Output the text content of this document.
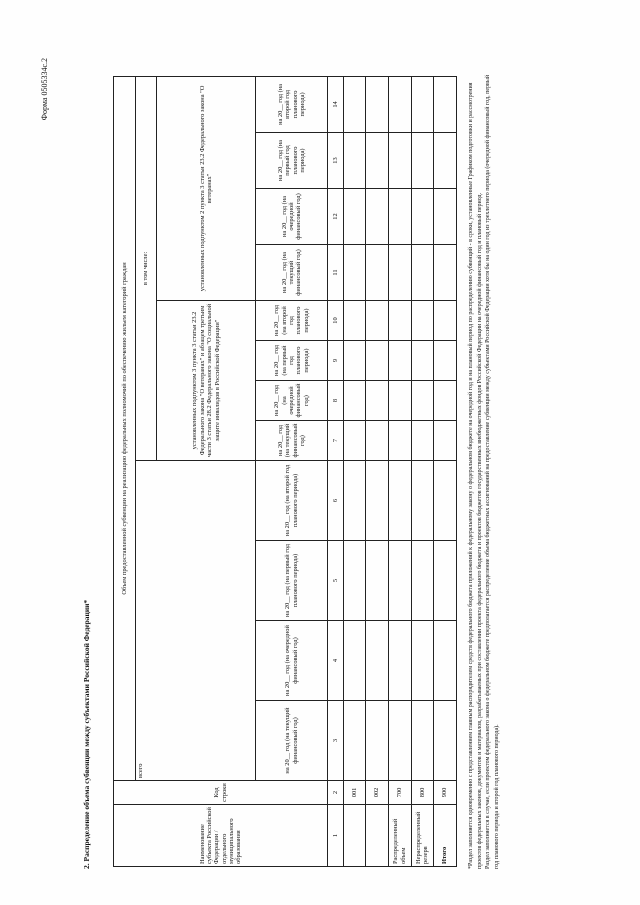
Форма 0505334с.2
2. Распределение объема субвенции между субъектами Российской Федерации*	Наименование субъекта Российской Федерации / отдельного муниципального образования	Код строки	Объем предоставленной субвенции на реализацию федеральных полномочий по обеспечению жильем категорий граждан											
		всего				в том числе:							
						установленных подпунктом 3 пункта 3 статьи 23.2 Федерального закона "О ветеранах" и абзацем третьим части 3 статьи 28.2 Федерального закона "О социальной защите инвалидов в Российской Федерации"				установленных подпунктом 2 пункта 3 статьи 23.2 Федерального закона "О ветеранах"			
		на 20__ год (на текущий финансовый год)	на 20__ год (на очередной финансовый год)	на 20__ год (на первый год планового периода)	на 20__ год (на второй год планового периода)	на 20__ год (на текущий финансовый год)	на 20__ год (на очередной финансовый год)	на 20__ год (на первый год планового периода)	на 20__ год (на второй год планового периода)	на 20__ год (на текущий финансовый год)	на 20__ год (на очередной финансовый год)	на 20__ год (на первый год планового периода)	на 20__ год (на второй год планового периода)
1	2	3	4	5	6	7	8	9	10	11	12	13	14
	001												
	002												
Распределенный объем	700												
Нераспределенный резерв	800												
Итого	900													*Раздел заполняется одновременно с представлением главным распорядителем средств федерального бюджета приложений к федеральному закону о федеральном бюджете на очередной год и на плановый период по распределению субвенций - в сроки, установленные Графиком подготовки и рассмотрения проектов федеральных законов, документов и материалов, разрабатываемых при составлении проекта федерального бюджета и проектов бюджетов государственных внебюджетных фондов Российской Федерации на очередной финансовый год и плановый период. Раздел заполняется в случае, если проектом федерального закона о федеральном бюджете предполагается распределение объема бюджетных ассигнований на предоставление субвенции между субъектами Российской Федерации хотя бы на один год из трехлетнего периода (очередной финансовый год, первый год планового периода и второй год планового периода).
